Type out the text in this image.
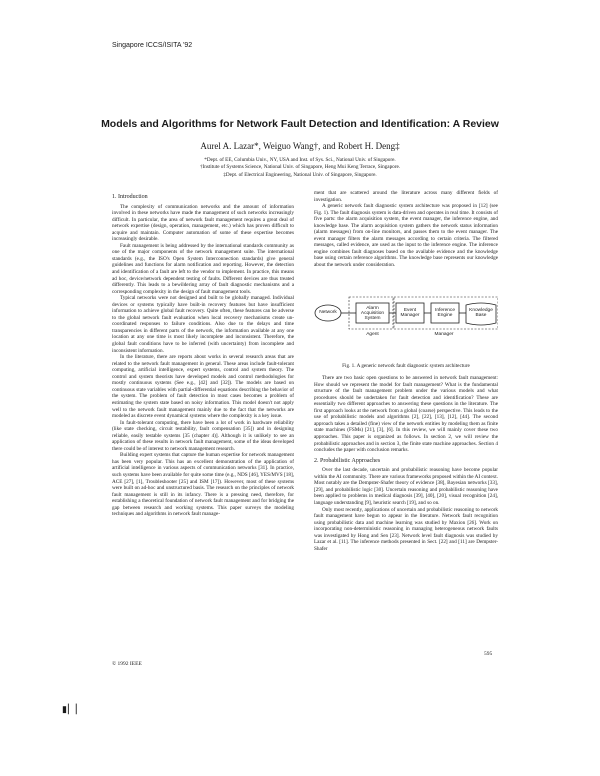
Singapore ICCS/ISITA '92
Models and Algorithms for Network Fault Detection and Identification: A Review
Aurel A. Lazar*, Weiguo Wang†, and Robert H. Deng‡
*Dept. of EE, Columbia Univ., NY, USA and Inst. of Sys. Sci., National Univ. of Singapore.
†Institute of Systems Science, National Univ. of Singapore, Heng Mui Keng Terrace, Singapore.
‡Dept. of Electrical Engineering, National Univ. of Singapore, Singapore.
1. Introduction

The complexity of communication networks and the amount of information involved in these networks have made the management of such networks increasingly difficult. In particular, the area of network fault management requires a great deal of network expertise (design, operation, management, etc.) which has proven difficult to acquire and maintain. Computer automation of some of these expertise becomes increasingly desirable.

Fault management is being addressed by the international standards community as one of the major components of the network management suite. The international standards (e.g., the ISO's Open System Interconnection standards) give general guidelines and functions for alarm notification and reporting. However, the detection and identification of a fault are left to the vendor to implement. In practice, this means ad hoc, device/network dependent testing of faults. Different devices are thus treated differently. This leads to a bewildering array of fault diagnostic mechanisms and a corresponding complexity in the design of fault management tools.

Typical networks were not designed and built to be globally managed. Individual devices or systems typically have built-in recovery features but have insufficient information to achieve global fault recovery. Quite often, these features can be adverse to the global network fault evaluation when local recovery mechanisms create un-coordinated responses to failure conditions. Also due to the delays and time transparencies in different parts of the network, the information available at any one location at any one time is most likely incomplete and inconsistent. Therefore, the global fault conditions have to be inferred (with uncertainty) from incomplete and inconsistent information.

In the literature, there are reports about works in several research areas that are related to the network fault management in general. These areas include fault-tolerant computing, artificial intelligence, expert systems, control and system theory. The control and system theorists have developed models and control methodologies for mostly continuous systems (See e.g., [42] and [32]). The models are based on continuous state variables with partial-differential equations describing the behavior of the system. The problem of fault detection in most cases becomes a problem of estimating the system state based on noisy information. This model doesn't not apply well to the network fault management mainly due to the fact that the networks are modeled as discrete event dynamical systems where the complexity is a key issue.

In fault-tolerant computing, there have been a lot of work in hardware reliability (like state checking, circuit testability, fault compensation [35]) and in designing reliable, easily testable systems [35 (chapter 4)]. Although it is unlikely to see an application of these results in network fault management, some of the ideas developed there could be of interest to network management research.

Building expert systems that capture the human expertise for network management has been very popular. This has an excellent demonstration of the application of artificial intelligence in various aspects of communication networks [31]. In practice, such systems have been available for quite some time (e.g., NDS [46], YES/MVS [18], ACE [27], [1], Troubleshooter [25] and ISM [17]). However, most of these systems were built on ad-hoc and unstructured basis. The research on the principles of network fault management is still in its infancy. There is a pressing need, therefore, for establishing a theoretical foundation of network fault management and for bridging the gap between research and working systems. This paper surveys the modeling techniques and algorithms in network fault manage-

ment that are scattered around the literature across many different fields of investigation.

A generic network fault diagnostic system architecture was proposed in [12] (see Fig. 1). The fault diagnosis system is data-driven and operates in real time. It consists of five parts: the alarm acquisition system, the event manager, the inference engine, and knowledge base. The alarm acquisition system gathers the network status information (alarm messages) from on-line monitors, and passes them to the event manager. The event manager filters the alarm messages according to certain criteria. The filtered messages, called evidence, are used as the input to the inference engine. The inference engine combines fault diagnoses based on the available evidence and the knowledge base using certain reference algorithms. The knowledge base represents our knowledge about the network under consideration.

Network
Alarm Acquisition System
Event Manager
Inference Engine
Knowledge Base
Agent	Manager
Fig. 1. A generic network fault diagnostic system architecture

There are two basic open questions to be answered in network fault management: How should we represent the model for fault management? What is the fundamental structure of the fault management problem under the various models and what procedures should be undertaken for fault detection and identification? These are essentially two different approaches to answering these questions in the literature. The first approach looks at the network from a global (coarse) perspective. This leads to the use of probabilistic models and algorithms [2], [22], [13], [12], [44]. The second approach takes a detailed (fine) view of the network entities by modeling them as finite state machines (FSMs) [21], [3], [6]. In this review, we will mainly cover these two approaches. This paper is organized as follows. In section 2, we will review the probabilistic approaches and in section 3, the finite state machine approaches. Section 4 concludes the paper with conclusion remarks.

2. Probabilistic Approaches

Over the last decade, uncertain and probabilistic reasoning have become popular within the AI community. There are various frameworks proposed within the AI context. Most notably are the Dempster-Shafer theory of evidence [38], Bayesian networks [33], [29], and probabilistic logic [30]. Uncertain reasoning and probabilistic reasoning have been applied to problems in medical diagnosis [39], [40], [20], visual recognition [24], language understanding [9], heuristic search [19], and so on.

Only most recently, applications of uncertain and probabilistic reasoning to network fault management have begun to appear in the literature. Network fault recognition using probabilistic data and machine learning was studied by Maxion [26]. Work on incorporating non-deterministic reasoning in managing heterogeneous network faults was investigated by Hong and Sen [23]. Network level fault diagnosis was studied by Lazar et al. [11]. The inference methods presented in Sect. [22] and [11] are Dempster-Shafer

595
© 1992 IEEE
▮▏▏
